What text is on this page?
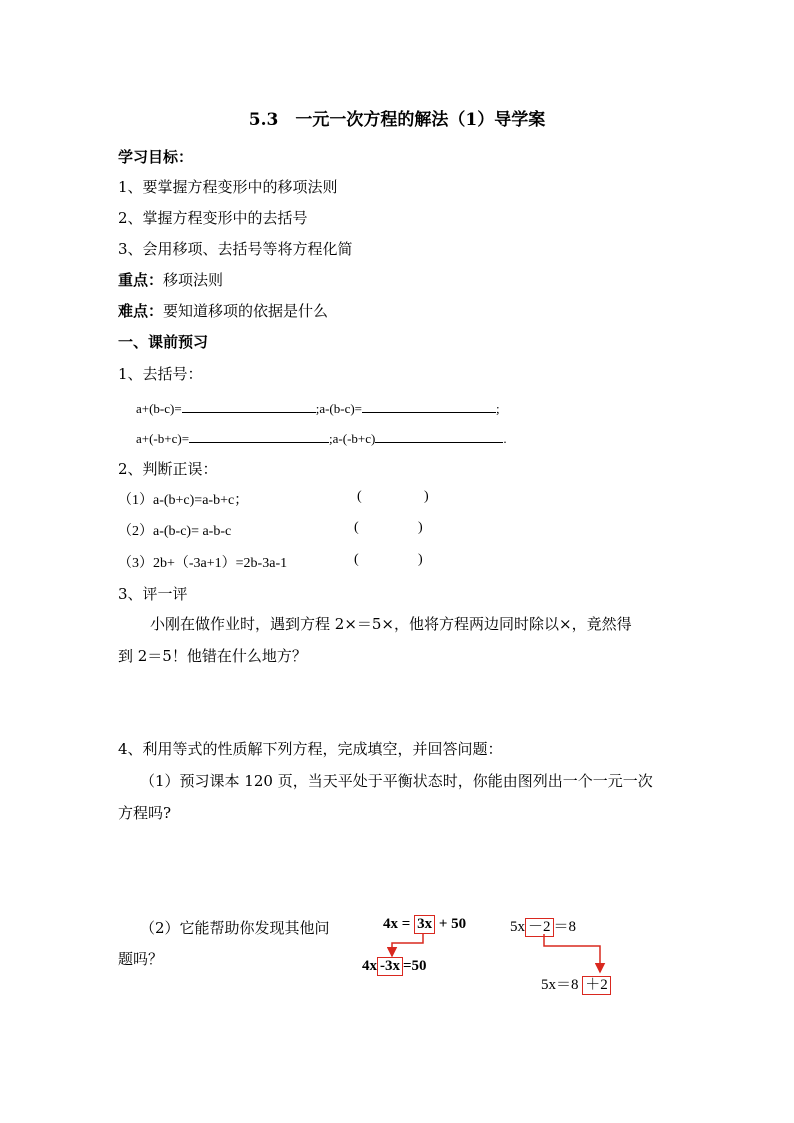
5.3　一元一次方程的解法（1）导学案
学习目标：
1、要掌握方程变形中的移项法则
2、掌握方程变形中的去括号
3、会用移项、去括号等将方程化简
重点：移项法则
难点：要知道移项的依据是什么
一、课前预习
1、去括号：
a+(b-c)=	;a-(b-c)=	;
a+(-b+c)=	;a-(-b+c)	.
2、判断正误：
（1）a-(b+c)=a-b+c；	(	)
（2）a-(b-c)= a-b-c	(	)
（3）2b+（-3a+1）=2b-3a-1	(	)
3、评一评
小刚在做作业时，遇到方程 2×＝5×，他将方程两边同时除以×，竟然得
到 2＝5！他错在什么地方？
4、利用等式的性质解下列方程，完成填空，并回答问题：
（1）预习课本 120 页，当天平处于平衡状态时，你能由图列出一个一元一次
方程吗?
（2）它能帮助你发现其他问
题吗？
4x = 3x + 50
4x -3x =50
5x －2 ＝8
5x＝8 ＋2
